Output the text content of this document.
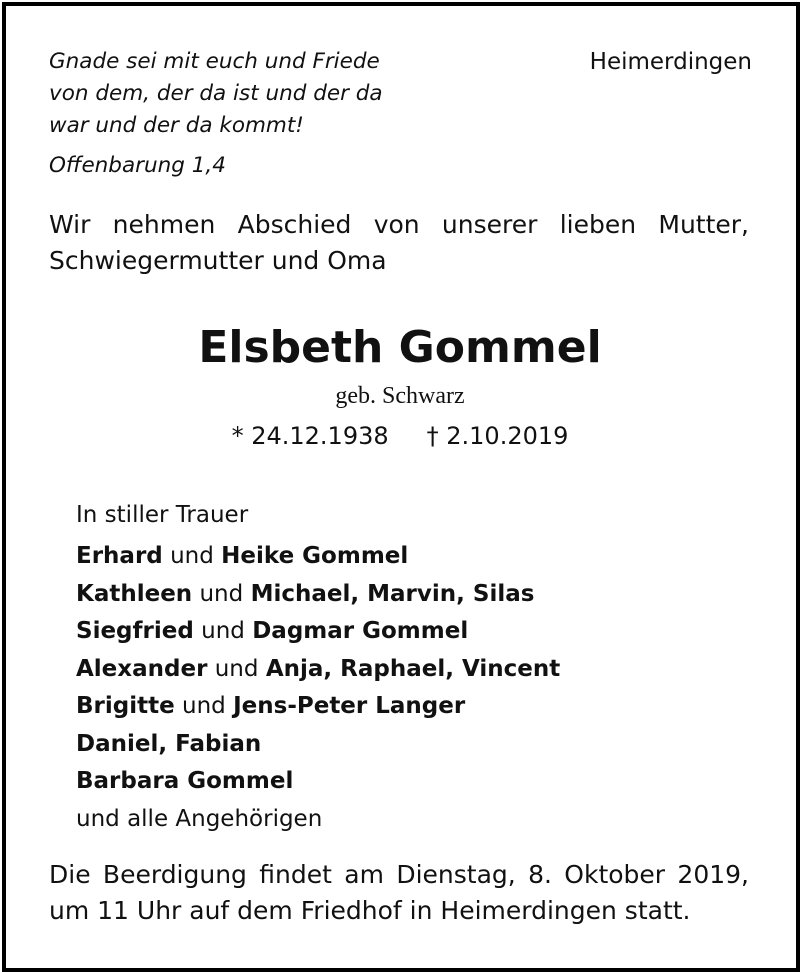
Gnade sei mit euch und Friede
von dem, der da ist und der da
war und der da kommt!
Offenbarung 1,4
Heimerdingen
Wir nehmen Abschied von unserer lieben Mutter,
Schwiegermutter und Oma
Elsbeth Gommel
geb. Schwarz
* 24.12.1938 † 2.10.2019
In stiller Trauer
Erhard und Heike Gommel
Kathleen und Michael, Marvin, Silas
Siegfried und Dagmar Gommel
Alexander und Anja, Raphael, Vincent
Brigitte und Jens-Peter Langer
Daniel, Fabian
Barbara Gommel
und alle Angehörigen
Die Beerdigung findet am Dienstag, 8. Oktober 2019,
um 11 Uhr auf dem Friedhof in Heimerdingen statt.
